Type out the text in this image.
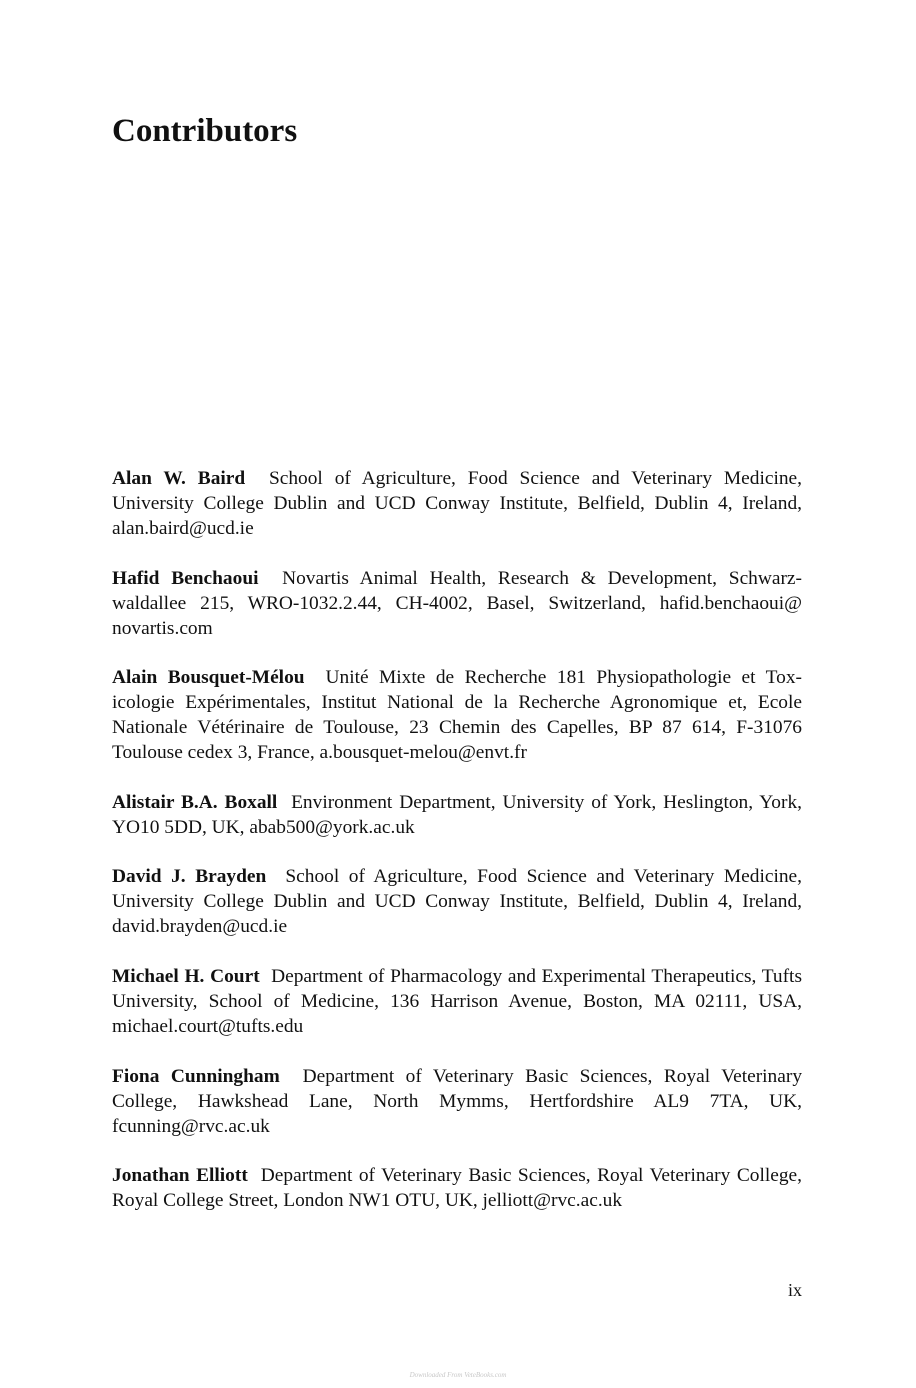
Contributors

Alan W. Baird School of Agriculture, Food Science and Veterinary Medicine, University College Dublin and UCD Conway Institute, Belfield, Dublin 4, Ireland, alan.baird@ucd.ie

Hafid Benchaoui Novartis Animal Health, Research & Development, Schwarz-waldallee 215, WRO-1032.2.44, CH-4002, Basel, Switzerland, hafid.benchaoui@ novartis.com

Alain Bousquet-Mélou Unité Mixte de Recherche 181 Physiopathologie et Tox-icologie Expérimentales, Institut National de la Recherche Agronomique et, Ecole Nationale Vétérinaire de Toulouse, 23 Chemin des Capelles, BP 87 614, F-31076 Toulouse cedex 3, France, a.bousquet-melou@envt.fr

Alistair B.A. Boxall Environment Department, University of York, Heslington, York, YO10 5DD, UK, abab500@york.ac.uk

David J. Brayden School of Agriculture, Food Science and Veterinary Medicine, University College Dublin and UCD Conway Institute, Belfield, Dublin 4, Ireland, david.brayden@ucd.ie

Michael H. Court Department of Pharmacology and Experimental Therapeutics, Tufts University, School of Medicine, 136 Harrison Avenue, Boston, MA 02111, USA, michael.court@tufts.edu

Fiona Cunningham Department of Veterinary Basic Sciences, Royal Veterinary College, Hawkshead Lane, North Mymms, Hertfordshire AL9 7TA, UK, fcunning@rvc.ac.uk

Jonathan Elliott Department of Veterinary Basic Sciences, Royal Veterinary College, Royal College Street, London NW1 OTU, UK, jelliott@rvc.ac.uk

ix
Downloaded From VeteBooks.com
